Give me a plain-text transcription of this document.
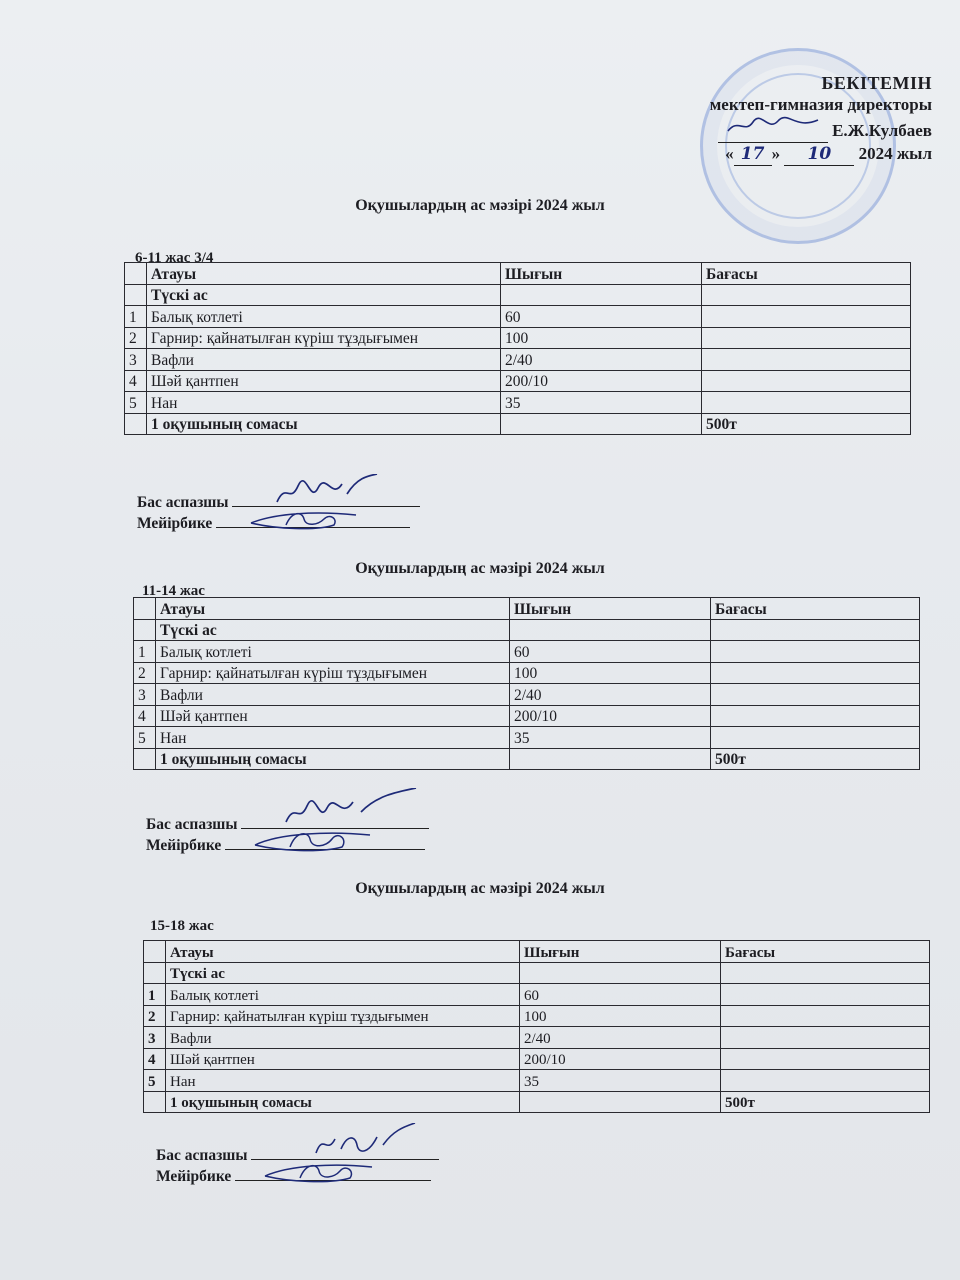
БЕКІТЕМІН
мектеп-гимназия директоры
Е.Ж.Кулбаев
« 17 » 10 2024 жыл
Оқушылардың ас мәзірі 2024 жыл
6-11 жас 3/4
	Атауы	Шығын	Бағасы
	Түскі ас		
1	Балық котлеті	60	
2	Гарнир: қайнатылған күріш тұздығымен	100	
3	Вафли	2/40	
4	Шәй қантпен	200/10	
5	Нан	35	
	1 оқушының сомасы		500т
Бас аспазшы
Мейірбике
Оқушылардың ас мәзірі 2024 жыл
11-14 жас
	Атауы	Шығын	Бағасы
	Түскі ас		
1	Балық котлеті	60	
2	Гарнир: қайнатылған күріш тұздығымен	100	
3	Вафли	2/40	
4	Шәй қантпен	200/10	
5	Нан	35	
	1 оқушының сомасы		500т
Бас аспазшы
Мейірбике
Оқушылардың ас мәзірі 2024 жыл
15-18 жас
	Атауы	Шығын	Бағасы
	Түскі ас		
1	Балық котлеті	60	
2	Гарнир: қайнатылған күріш тұздығымен	100	
3	Вафли	2/40	
4	Шәй қантпен	200/10	
5	Нан	35	
	1 оқушының сомасы		500т
Бас аспазшы
Мейірбике
